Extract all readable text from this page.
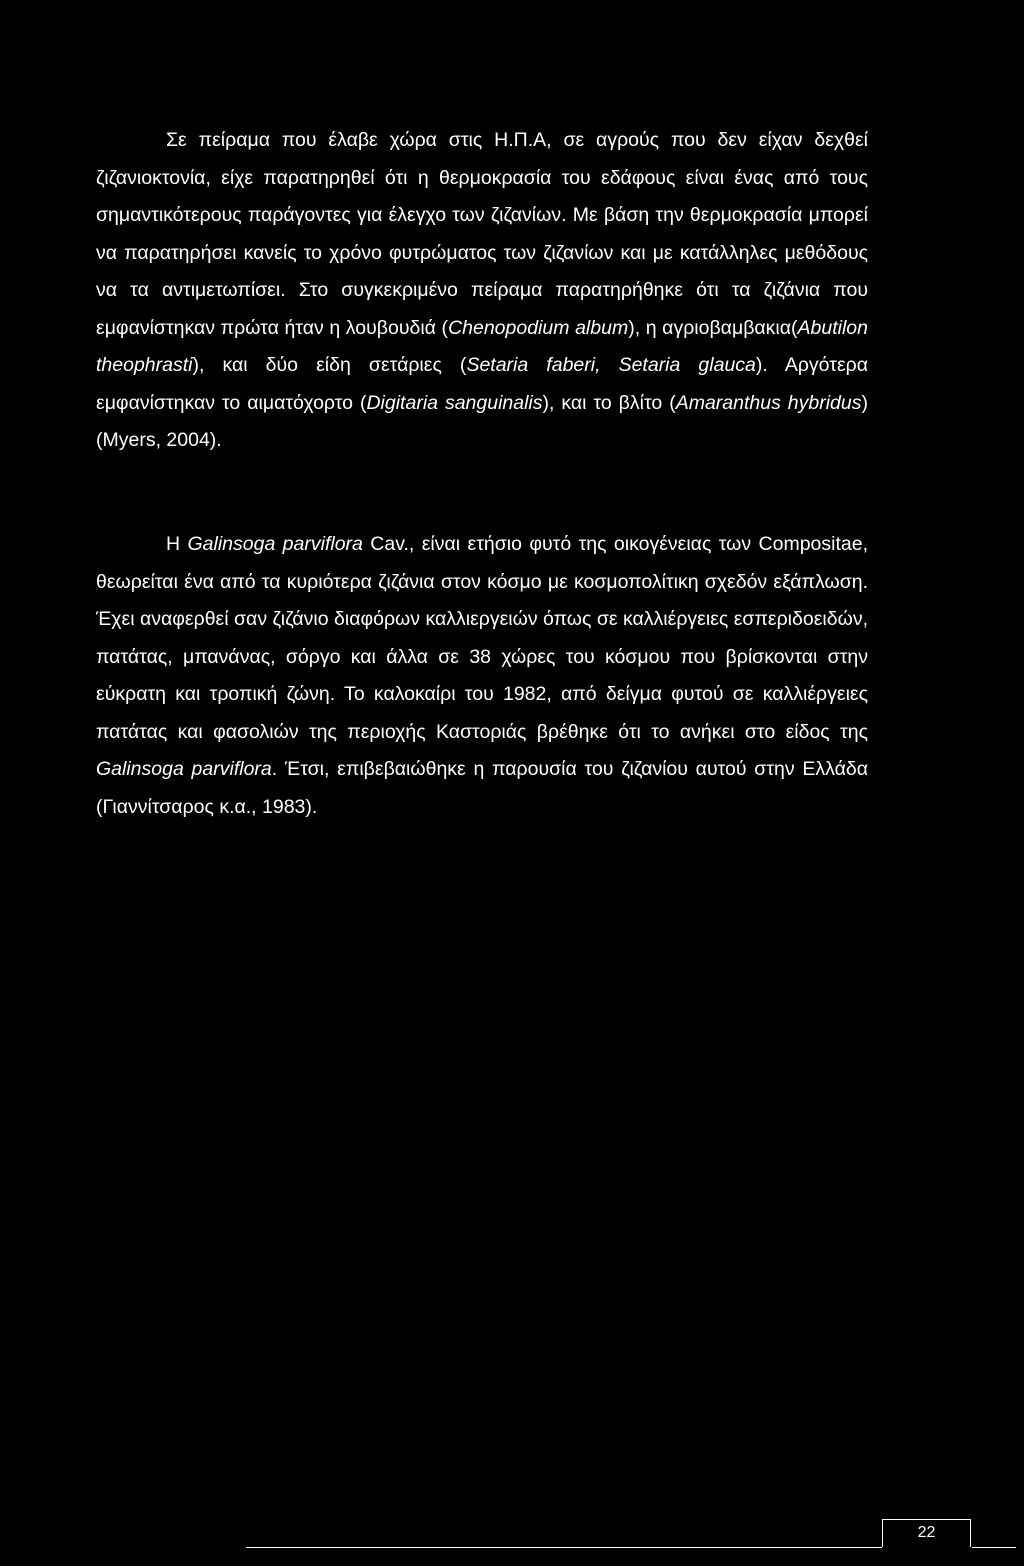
Σε πείραμα που έλαβε χώρα στις Η.Π.Α, σε αγρούς που δεν είχαν δεχθεί ζιζανιοκτονία, είχε παρατηρηθεί ότι η θερμοκρασία του εδάφους είναι ένας από τους σημαντικότερους παράγοντες για έλεγχο των ζιζανίων. Με βάση την θερμοκρασία μπορεί να παρατηρήσει κανείς το χρόνο φυτρώματος των ζιζανίων και με κατάλληλες μεθόδους να τα αντιμετωπίσει. Στο συγκεκριμένο πείραμα παρατηρήθηκε ότι τα ζιζάνια που εμφανίστηκαν πρώτα ήταν η λουβουδιά (Chenopodium album), η αγριοβαμβακια(Abutilon theophrasti), και δύο είδη σετάριες (Setaria faberi, Setaria glauca). Αργότερα εμφανίστηκαν το αιματόχορτο (Digitaria sanguinalis), και το βλίτο (Amaranthus hybridus) (Myers, 2004).

Η Galinsoga parviflora Cav., είναι ετήσιο φυτό της οικογένειας των Compositae, θεωρείται ένα από τα κυριότερα ζιζάνια στον κόσμο με κοσμοπολίτικη σχεδόν εξάπλωση. Έχει αναφερθεί σαν ζιζάνιο διαφόρων καλλιεργειών όπως σε καλλιέργειες εσπεριδοειδών, πατάτας, μπανάνας, σόργο και άλλα σε 38 χώρες του κόσμου που βρίσκονται στην εύκρατη και τροπική ζώνη. Το καλοκαίρι του 1982, από δείγμα φυτού σε καλλιέργειες πατάτας και φασολιών της περιοχής Καστοριάς βρέθηκε ότι το ανήκει στο είδος της Galinsoga parviflora. Έτσι, επιβεβαιώθηκε η παρουσία του ζιζανίου αυτού στην Ελλάδα (Γιαννίτσαρος κ.α., 1983).

22
